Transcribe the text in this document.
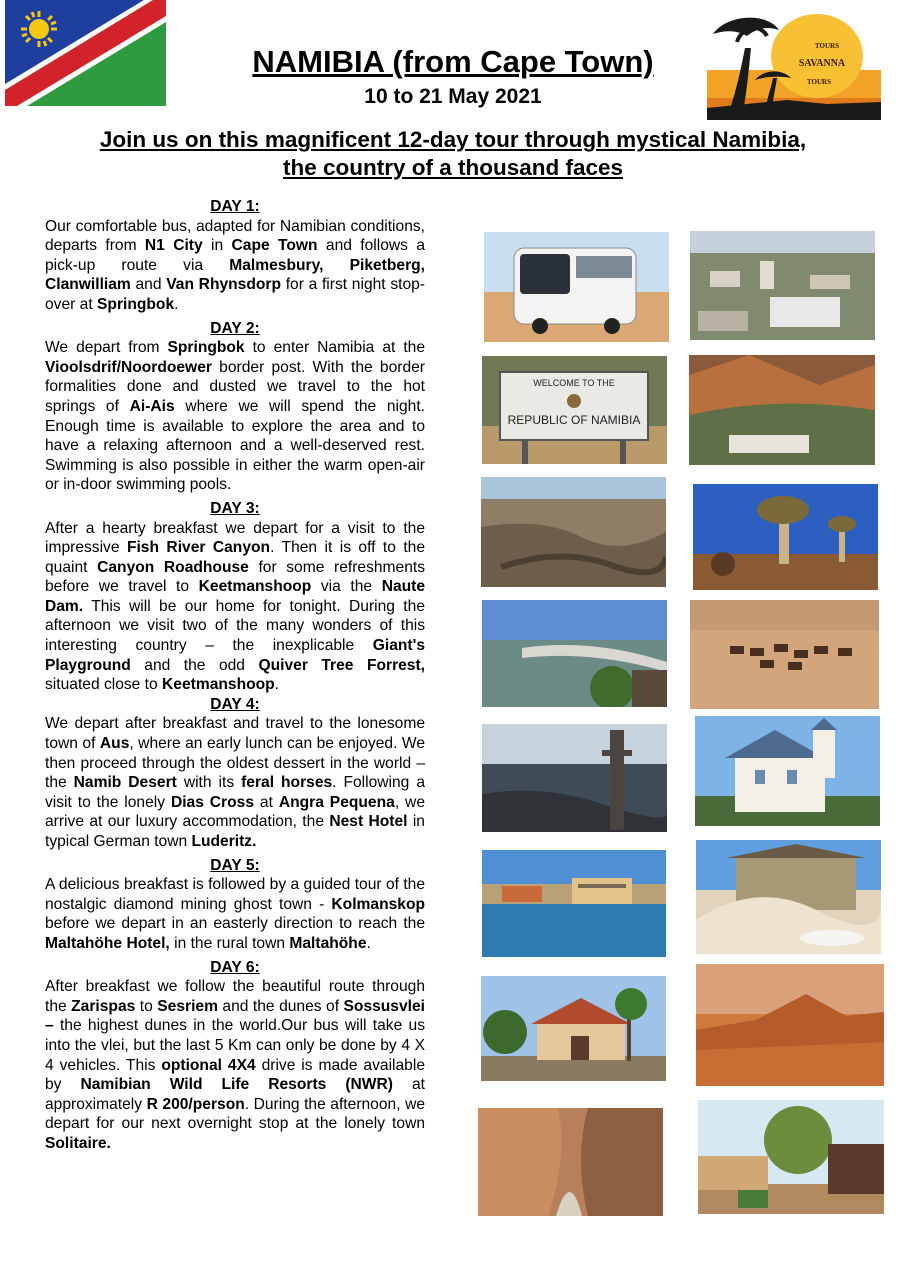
NAMIBIA (from Cape Town)
10 to 21 May 2021
TOURS
SAVANNA
TOURS
Join us on this magnificent 12-day tour through mystical Namibia,
the country of a thousand faces
DAY 1:
Our comfortable bus, adapted for Namibian conditions, departs from N1 City in Cape Town and follows a pick-up route via Malmesbury, Piketberg, Clanwilliam and Van Rhynsdorp for a first night stop-over at Springbok.
DAY 2:
We depart from Springbok to enter Namibia at the Vioolsdrif/Noordoewer border post. With the border formalities done and dusted we travel to the hot springs of Ai-Ais where we will spend the night. Enough time is available to explore the area and to have a relaxing afternoon and a well-deserved rest. Swimming is also possible in either the warm open-air or in-door swimming pools.
DAY 3:
After a hearty breakfast we depart for a visit to the impressive Fish River Canyon. Then it is off to the quaint Canyon Roadhouse for some refreshments before we travel to Keetmanshoop via the Naute Dam. This will be our home for tonight. During the afternoon we visit two of the many wonders of this interesting country – the inexplicable Giant's Playground and the odd Quiver Tree Forrest, situated close to Keetmanshoop.
DAY 4:
We depart after breakfast and travel to the lonesome town of Aus, where an early lunch can be enjoyed. We then proceed through the oldest dessert in the world – the Namib Desert with its feral horses. Following a visit to the lonely Dias Cross at Angra Pequena, we arrive at our luxury accommodation, the Nest Hotel in typical German town Luderitz.
DAY 5:
A delicious breakfast is followed by a guided tour of the nostalgic diamond mining ghost town - Kolmanskop before we depart in an easterly direction to reach the Maltahöhe Hotel, in the rural town Maltahöhe.
DAY 6:
After breakfast we follow the beautiful route through the Zarispas to Sesriem and the dunes of Sossusvlei – the highest dunes in the world.Our bus will take us into the vlei, but the last 5 Km can only be done by 4 X 4 vehicles. This optional 4X4 drive is made available by Namibian Wild Life Resorts (NWR) at approximately R 200/person. During the afternoon, we depart for our next overnight stop at the lonely town Solitaire.
WELCOME TO THE
REPUBLIC OF NAMIBIA
